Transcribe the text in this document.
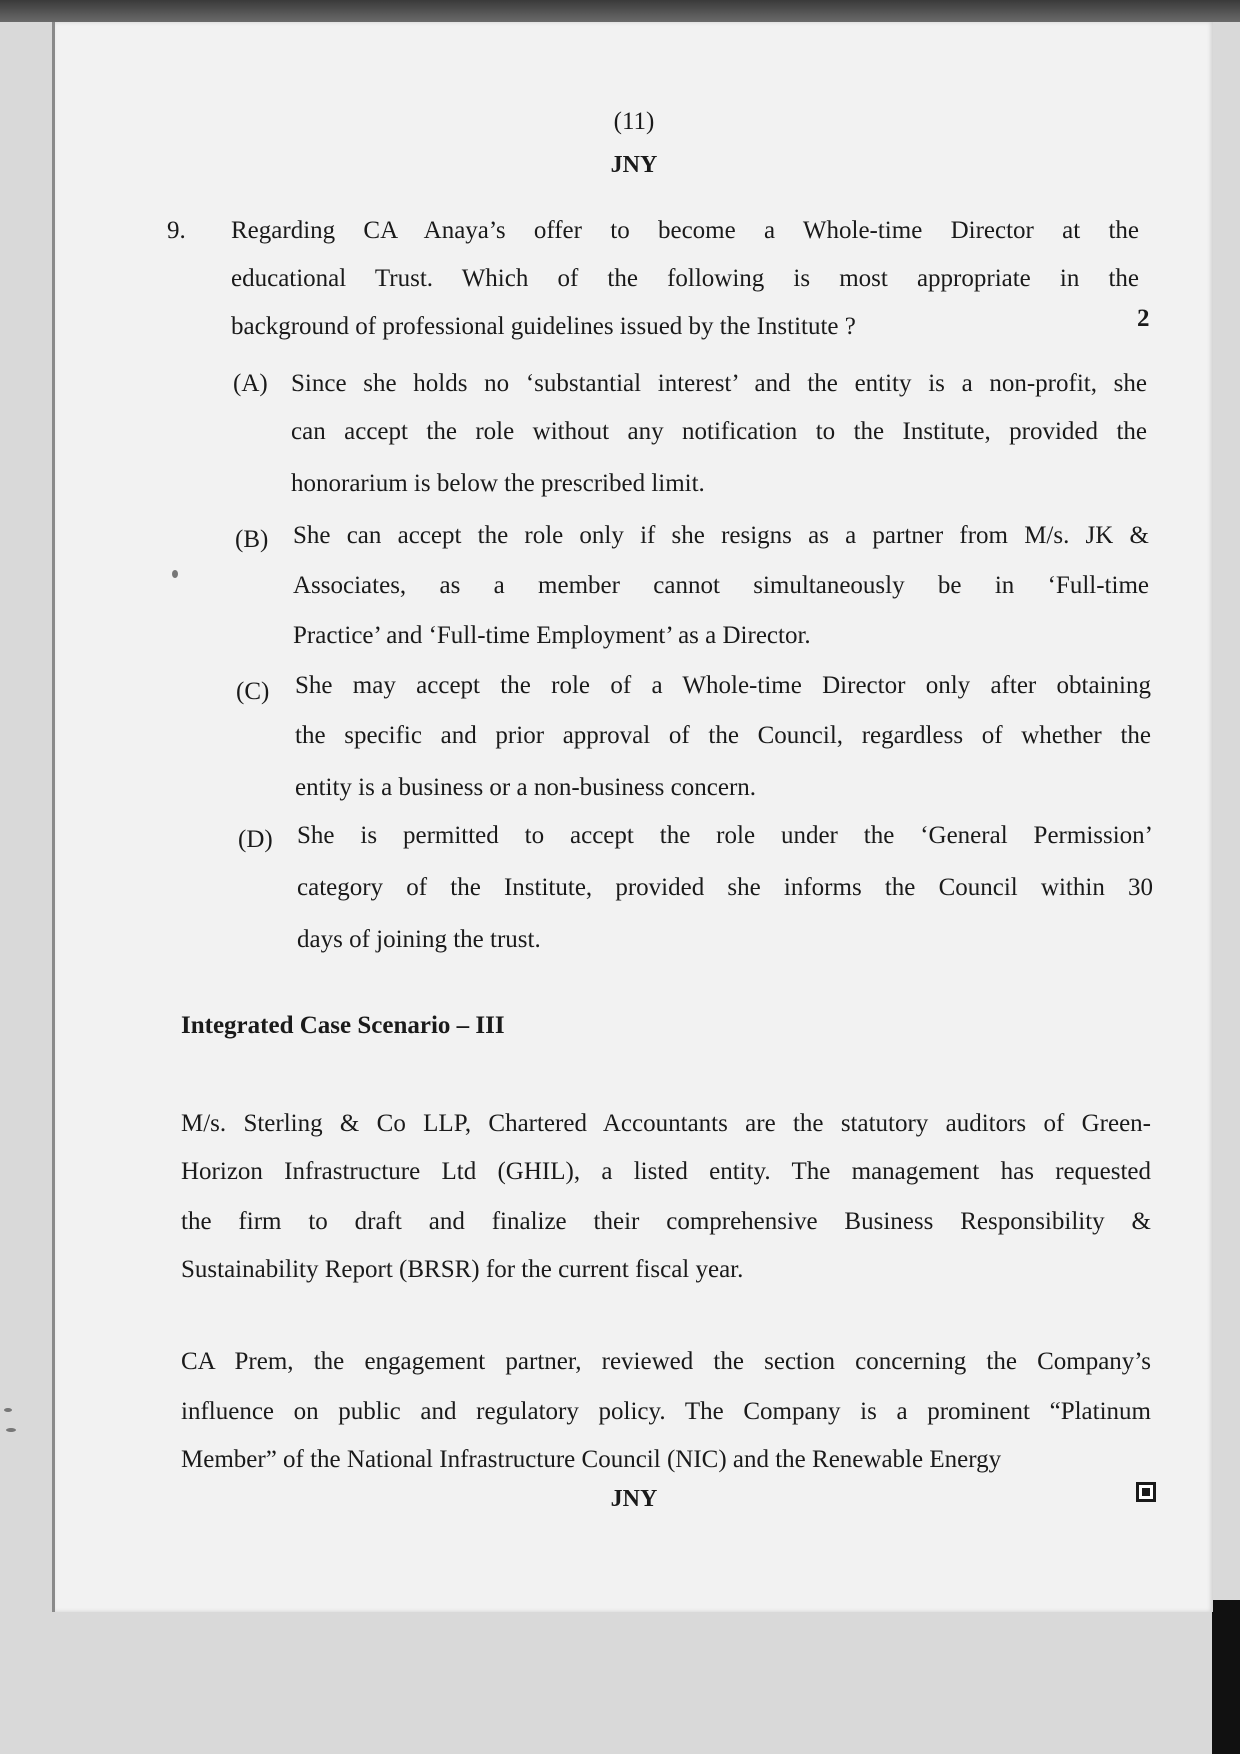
(11)
JNY
9. Regarding CA Anaya’s offer to become a Whole-time Director at the
educational Trust. Which of the following is most appropriate in the
background of professional guidelines issued by the Institute ?	2
(A) Since she holds no ‘substantial interest’ and the entity is a non-profit, she
can accept the role without any notification to the Institute, provided the
honorarium is below the prescribed limit.
(B) She can accept the role only if she resigns as a partner from M/s. JK &
Associates, as a member cannot simultaneously be in ‘Full-time
Practice’ and ‘Full-time Employment’ as a Director.
(C) She may accept the role of a Whole-time Director only after obtaining
the specific and prior approval of the Council, regardless of whether the
entity is a business or a non-business concern.
(D) She is permitted to accept the role under the ‘General Permission’
category of the Institute, provided she informs the Council within 30
days of joining the trust.
Integrated Case Scenario – III
M/s. Sterling & Co LLP, Chartered Accountants are the statutory auditors of Green-
Horizon Infrastructure Ltd (GHIL), a listed entity. The management has requested
the firm to draft and finalize their comprehensive Business Responsibility &
Sustainability Report (BRSR) for the current fiscal year.
CA Prem, the engagement partner, reviewed the section concerning the Company’s
influence on public and regulatory policy. The Company is a prominent “Platinum
Member” of the National Infrastructure Council (NIC) and the Renewable Energy
JNY
